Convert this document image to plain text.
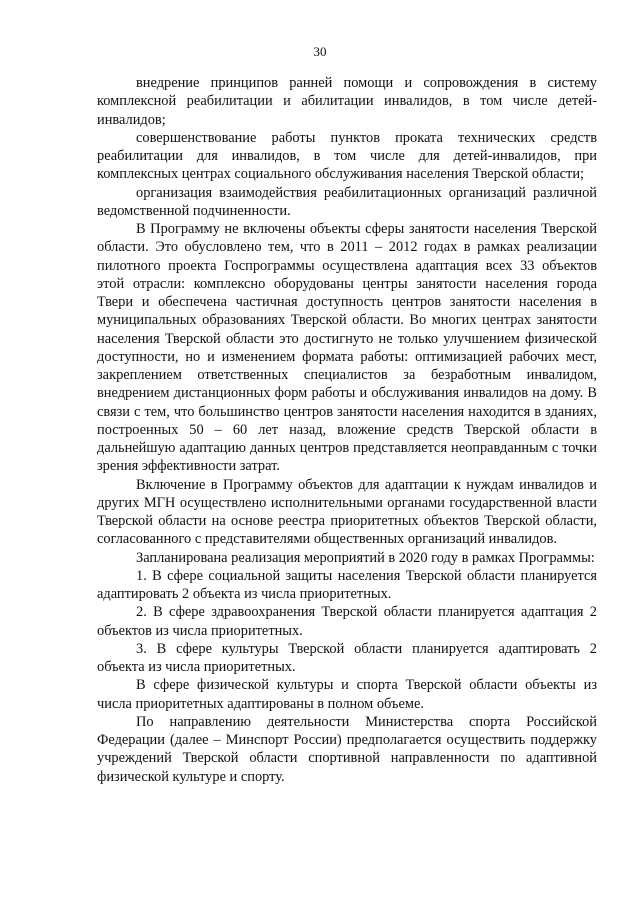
30

внедрение принципов ранней помощи и сопровождения в систему комплексной реабилитации и абилитации инвалидов, в том числе детей-инвалидов;

совершенствование работы пунктов проката технических средств реабилитации для инвалидов, в том числе для детей-инвалидов, при комплексных центрах социального обслуживания населения Тверской области;

организация взаимодействия реабилитационных организаций различной ведомственной подчиненности.

В Программу не включены объекты сферы занятости населения Тверской области. Это обусловлено тем, что в 2011 – 2012 годах в рамках реализации пилотного проекта Госпрограммы осуществлена адаптация всех 33 объектов этой отрасли: комплексно оборудованы центры занятости населения города Твери и обеспечена частичная доступность центров занятости населения в муниципальных образованиях Тверской области. Во многих центрах занятости населения Тверской области это достигнуто не только улучшением физической доступности, но и изменением формата работы: оптимизацией рабочих мест, закреплением ответственных специалистов за безработным инвалидом, внедрением дистанционных форм работы и обслуживания инвалидов на дому. В связи с тем, что большинство центров занятости населения находится в зданиях, построенных 50 – 60 лет назад, вложение средств Тверской области в дальнейшую адаптацию данных центров представляется неоправданным с точки зрения эффективности затрат.

Включение в Программу объектов для адаптации к нуждам инвалидов и других МГН осуществлено исполнительными органами государственной власти Тверской области на основе реестра приоритетных объектов Тверской области, согласованного с представителями общественных организаций инвалидов.

Запланирована реализация мероприятий в 2020 году в рамках Программы:

1. В сфере социальной защиты населения Тверской области планируется адаптировать 2 объекта из числа приоритетных.

2. В сфере здравоохранения Тверской области планируется адаптация 2 объектов из числа приоритетных.

3. В сфере культуры Тверской области планируется адаптировать 2 объекта из числа приоритетных.

В сфере физической культуры и спорта Тверской области объекты из числа приоритетных адаптированы в полном объеме.

По направлению деятельности Министерства спорта Российской Федерации (далее – Минспорт России) предполагается осуществить поддержку учреждений Тверской области спортивной направленности по адаптивной физической культуре и спорту.
